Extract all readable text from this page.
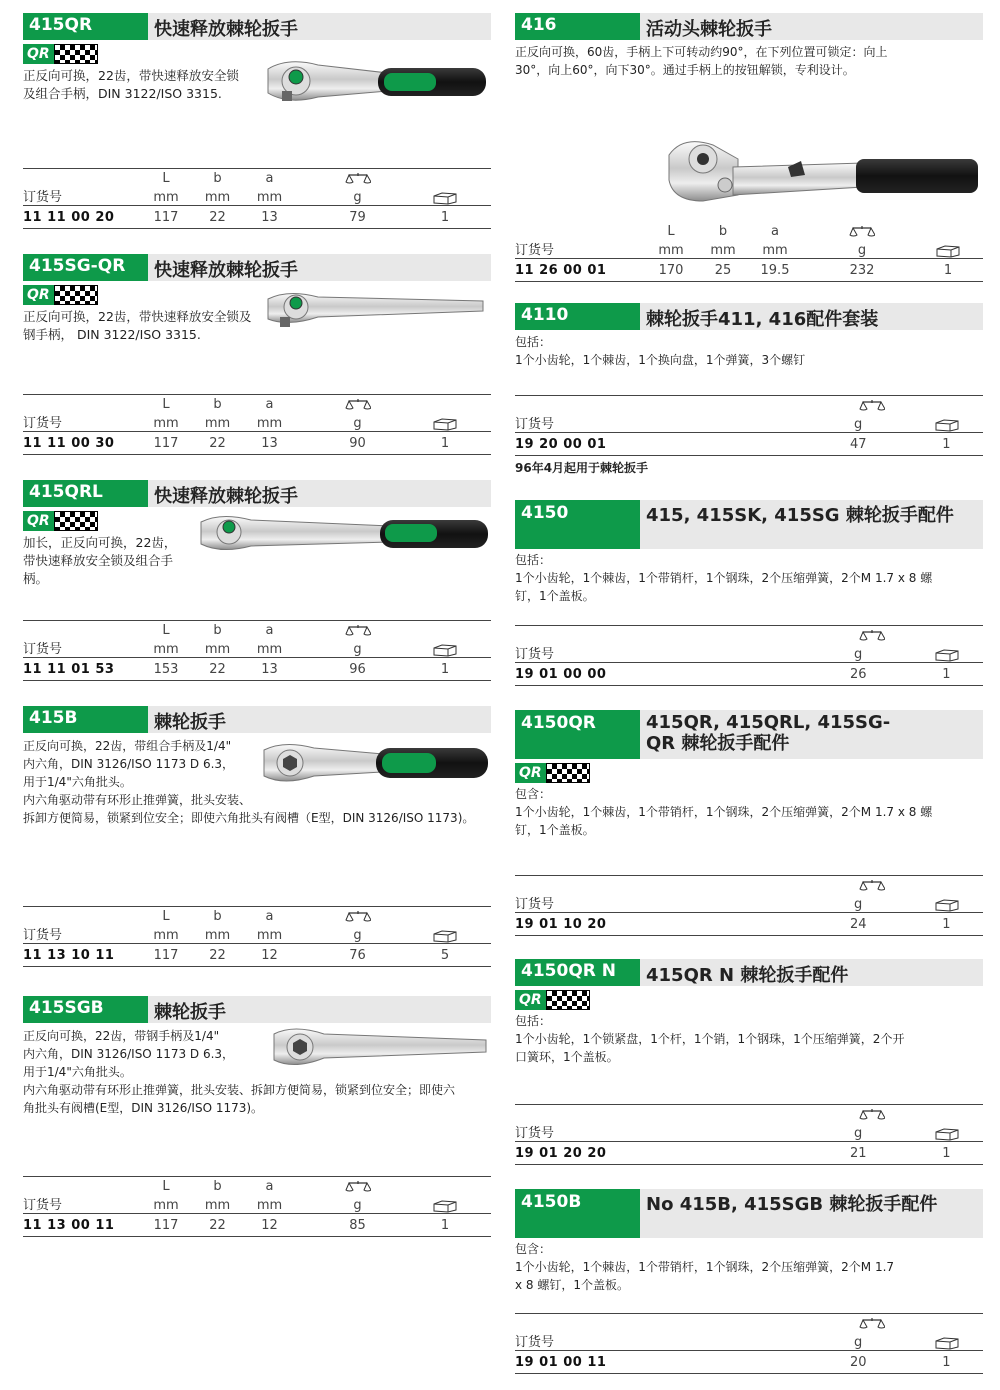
415QR	快速释放棘轮扳手
QR
正反向可换，22齿，带快速释放安全锁
及组合手柄，DIN 3122/ISO 3315.
	L	b	a			
订货号	mm	mm	mm	g		
11 11 00 20	117	22	13	79	1	
415SG-QR	快速释放棘轮扳手
QR
正反向可换，22齿，带快速释放安全锁及
钢手柄， DIN 3122/ISO 3315.
	L	b	a			
订货号	mm	mm	mm	g		
11 11 00 30	117	22	13	90	1	
415QRL	快速释放棘轮扳手
QR
加长，正反向可换，22齿，
带快速释放安全锁及组合手
柄。
	L	b	a			
订货号	mm	mm	mm	g		
11 11 01 53	153	22	13	96	1	
415B	棘轮扳手
正反向可换，22齿，带组合手柄及1/4"
内六角，DIN 3126/ISO 1173 D 6.3，
用于1/4"六角批头。
内六角驱动带有环形止推弹簧，批头安装、
拆卸方便简易，锁紧到位安全；即使六角批头有阀槽（E型，DIN 3126/ISO 1173)。
	L	b	a			
订货号	mm	mm	mm	g		
11 13 10 11	117	22	12	76	5	
415SGB	棘轮扳手
正反向可换，22齿，带钢手柄及1/4"
内六角，DIN 3126/ISO 1173 D 6.3，
用于1/4"六角批头。
内六角驱动带有环形止推弹簧，批头安装、拆卸方便简易，锁紧到位安全；即使六
角批头有阀槽(E型，DIN 3126/ISO 1173)。
	L	b	a			
订货号	mm	mm	mm	g		
11 13 00 11	117	22	12	85	1	
416	活动头棘轮扳手
正反向可换，60齿，手柄上下可转动约90°，在下列位置可锁定：向上
30°，向上60°，向下30°。通过手柄上的按钮解锁，专利设计。
	L	b	a			
订货号	mm	mm	mm	g		
11 26 00 01	170	25	19.5	232	1	
4110	棘轮扳手411, 416配件套装
包括：
1个小齿轮，1个棘齿，1个换向盘，1个弹簧，3个螺钉

订货号	g	
19 20 00 01	47	1
96年4月起用于棘轮扳手
4150	415, 415SK, 415SG 棘轮扳手配件
包括：
1个小齿轮，1个棘齿，1个带销杆，1个钢珠，2个压缩弹簧，2个M 1.7 x 8 螺
钉，1个盖板。

订货号	g	
19 01 00 00	26	1
4150QR	415QR, 415QRL, 415SG-
QR 棘轮扳手配件
QR
包含：
1个小齿轮，1个棘齿，1个带销杆，1个钢珠，2个压缩弹簧，2个M 1.7 x 8 螺
钉，1个盖板。

订货号	g	
19 01 10 20	24	1
4150QR N	415QR N 棘轮扳手配件
QR
包括：
1个小齿轮，1个锁紧盘，1个杆，1个销，1个钢珠，1个压缩弹簧，2个开
口簧环，1个盖板。

订货号	g	
19 01 20 20	21	1
4150B	No 415B, 415SGB 棘轮扳手配件
包含：
1个小齿轮，1个棘齿，1个带销杆，1个钢珠，2个压缩弹簧，2个M 1.7
x 8 螺钉，1个盖板。

订货号	g	
19 01 00 11	20	1
